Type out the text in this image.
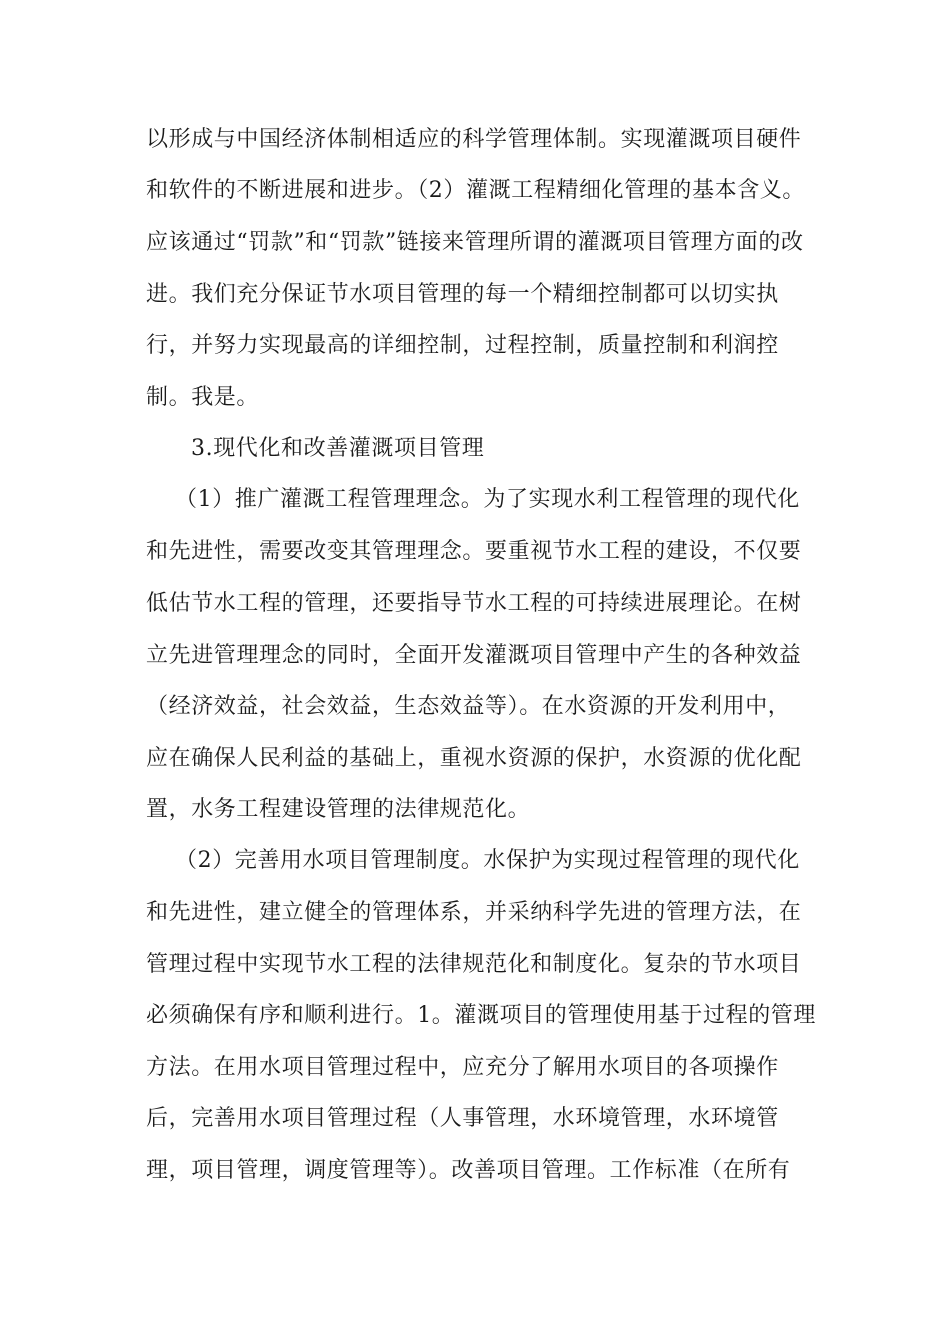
以形成与中国经济体制相适应的科学管理体制。实现灌溉项目硬件
和软件的不断进展和进步。（2）灌溉工程精细化管理的基本含义。
应该通过“罚款”和“罚款”链接来管理所谓的灌溉项目管理方面的改
进。我们充分保证节水项目管理的每一个精细控制都可以切实执
行，并努力实现最高的详细控制，过程控制，质量控制和利润控
制。我是。
3.现代化和改善灌溉项目管理
（1）推广灌溉工程管理理念。为了实现水利工程管理的现代化
和先进性，需要改变其管理理念。要重视节水工程的建设，不仅要
低估节水工程的管理，还要指导节水工程的可持续进展理论。在树
立先进管理理念的同时，全面开发灌溉项目管理中产生的各种效益
（经济效益，社会效益，生态效益等）。在水资源的开发利用中，
应在确保人民利益的基础上，重视水资源的保护，水资源的优化配
置，水务工程建设管理的法律规范化。
（2）完善用水项目管理制度。水保护为实现过程管理的现代化
和先进性，建立健全的管理体系，并采纳科学先进的管理方法，在
管理过程中实现节水工程的法律规范化和制度化。复杂的节水项目
必须确保有序和顺利进行。1。灌溉项目的管理使用基于过程的管理
方法。在用水项目管理过程中，应充分了解用水项目的各项操作
后，完善用水项目管理过程（人事管理，水环境管理，水环境管
理，项目管理，调度管理等）。改善项目管理。工作标准（在所有
